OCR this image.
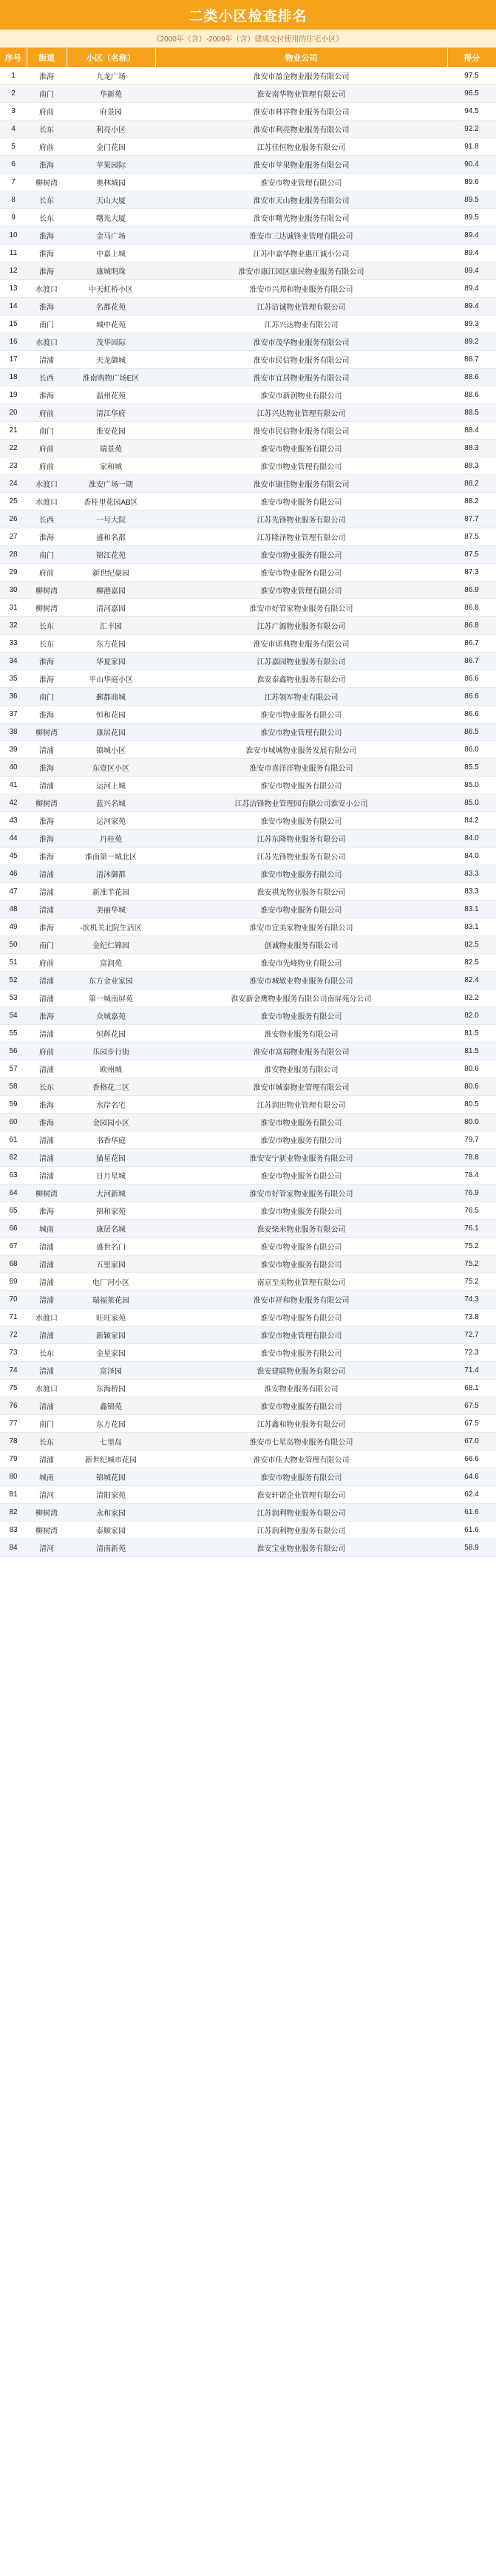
二类小区检查排名
《2000年（含）-2009年（含）建成交付使用的住宅小区》
序号	街道	小区（名称）	物业公司	得分
1	淮海	九龙广场	淮安市盈金物业服务有限公司	97.5
2	南门	华新苑	淮安南华物业管理有限公司	96.5
3	府前	府景园	淮安市林祥物业服务有限公司	94.5
4	长东	利亮小区	淮安市利亮物业服务有限公司	92.2
5	府前	金门花园	江苏佳恒物业服务有限公司	91.8
6	淮海	苹果园际	淮安市苹果物业服务有限公司	90.4
7	柳树湾	奥林城园	淮安市物业管理有限公司	89.6
8	长东	天山大厦	淮安市天山物业服务有限公司	89.5
9	长东	曙光大厦	淮安市曙光物业服务有限公司	89.5
10	淮海	金马广场	淮安市三达诚锋业管理有限公司	89.4
11	淮海	中嘉上城	江苏中嘉华物业惠江诚小公司	89.4
12	淮海	康城明珠	淮安市康江园区康民物业服务有限公司	89.4
13	水渡口	中天虹桥小区	淮安市兴邦和物业服务有限公司	89.4
14	淮海	名都花苑	江苏洁诚物业管理有限公司	89.4
15	南门	城中花苑	江苏兴达物业有限公司	89.3
16	水渡口	茂华园际	淮安市茂华物业服务有限公司	89.2
17	清浦	天龙御城	淮安市民信物业服务有限公司	88.7
18	长西	淮南购物广场E区	淮安市宜居物业服务有限公司	88.6
19	淮海	温州花苑	淮安市新润物业有限公司	88.6
20	府前	清江华府	江苏兴达物业管理有限公司	88.5
21	南门	淮安花园	淮安市民信物业服务有限公司	88.4
22	府前	瑞景苑	淮安市物业服务有限公司	88.3
23	府前	家和城	淮安市物业管理有限公司	88.3
24	水渡口	淮安广场一期	淮安市康佳物业服务有限公司	88.2
25	水渡口	香桂里花园AB区	淮安市物业服务有限公司	88.2
26	长西	一号大院	江苏先锋物业服务有限公司	87.7
27	淮海	盛和名都	江苏隆泽物业管理有限公司	87.5
28	南门	锦江花苑	淮安市物业服务有限公司	87.5
29	府前	新世纪豪园	淮安市物业服务有限公司	87.3
30	柳树湾	柳港嘉园	淮安市物业管理有限公司	86.9
31	柳树湾	清河嘉园	淮安市好管家物业服务有限公司	86.8
32	长东	汇丰园	江苏广源物业服务有限公司	86.8
33	长东	东方花园	淮安市诺典物业服务有限公司	86.7
34	淮海	华夏家园	江苏嘉园物业服务有限公司	86.7
35	淮海	平山华庭小区	淮安泰鑫物业服务有限公司	86.6
36	南门	郵都商城	江苏领军物业有限公司	86.6
37	淮海	恒和花园	淮安市物业服务有限公司	86.6
38	柳树湾	康居花园	淮安市物业管理有限公司	86.5
39	清浦	镇城小区	淮安市城城物业服务发展有限公司	86.0
40	淮海	东壹区小区	淮安市喜洋洋物业服务有限公司	85.5
41	清浦	运河上城	淮安市物业服务有限公司	85.0
42	柳树湾	蓝兴名城	江苏洁锋物业管理园有限公司淮安小公司	85.0
43	淮海	运河家苑	淮安市物业服务有限公司	84.2
44	淮海	丹桂苑	江苏东隆物业服务有限公司	84.0
45	淮海	淮南第一城北区	江苏先锋物业服务有限公司	84.0
46	清浦	清沐御都	淮安市物业服务有限公司	83.3
47	清浦	新准半花园	淮安祺光物业服务有限公司	83.3
48	清浦	美丽华城	淮安市物业服务有限公司	83.1
49	淮海	-滨机关北院生活区	淮安市宜美家物业服务有限公司	83.1
50	南门	金纪仁锦园	创诚物业服务有限公司	82.5
51	府前	富润苑	淮安市先峰物业有限公司	82.5
52	清浦	东方金业家园	淮安市城敏业物业服务有限公司	82.4
53	清浦	第一城南屏苑	淮安新金鹰物业服务有限公司南屏苑分公司	82.2
54	淮海	众城嘉苑	淮安市物业服务有限公司	82.0
55	清浦	恒辉花园	淮安物业服务有限公司	81.5
56	府前	乐园步行街	淮安市富瑞物业服务有限公司	81.5
57	清浦	欧州城	淮安物业服务有限公司	80.6
58	长东	香格花二区	淮安市城泰物业管理有限公司	80.6
59	淮海	水岸名宅	江苏润田物业管理有限公司	80.5
60	淮海	金园园小区	淮安市物业服务有限公司	80.0
61	清浦	书香华庭	淮安市物业服务有限公司	79.7
62	清浦	猫星花园	淮安安宁新业物业服务有限公司	78.8
63	清浦	日月星城	淮安市物业服务有限公司	78.4
64	柳树湾	大河新城	淮安市好管家物业服务有限公司	76.9
65	淮海	锦和家苑	淮安市物业服务有限公司	76.5
66	城南	康居名城	淮安柴米物业服务有限公司	76.1
67	清浦	盛世名门	淮安市物业服务有限公司	75.2
68	清浦	五里家园	淮安市物业服务有限公司	75.2
69	清浦	电厂河小区	南京至美物业管理有限公司	75.2
70	清浦	瑞福莱花园	淮安市祥和物业服务有限公司	74.3
71	水渡口	旺旺家苑	淮安市物业服务有限公司	73.8
72	清浦	新颖家园	淮安市物业管理有限公司	72.7
73	长东	金星家园	淮安市物业服务有限公司	72.3
74	清浦	富泽园	淮安建联物业服务有限公司	71.4
75	水渡口	东海桥园	淮安物业服务有限公司	68.1
76	清浦	鑫锦苑	淮安市物业服务有限公司	67.5
77	南门	东方花园	江苏鑫和物业服务有限公司	67.5
78	长东	七里岛	淮安市七星岛物业服务有限公司	67.0
79	清浦	新世纪城市花园	淮安市佳大物业管理有限公司	66.6
80	城南	锦城花园	淮安市物业服务有限公司	64.6
81	清河	清阳家苑	淮安轩诺企业管理有限公司	62.4
82	柳树湾	永和家园	江苏润利物业服务有限公司	61.6
83	柳树湾	泰顺家园	江苏润利物业服务有限公司	61.6
84	清河	清南新苑	淮安宝业物业服务有限公司	58.9
